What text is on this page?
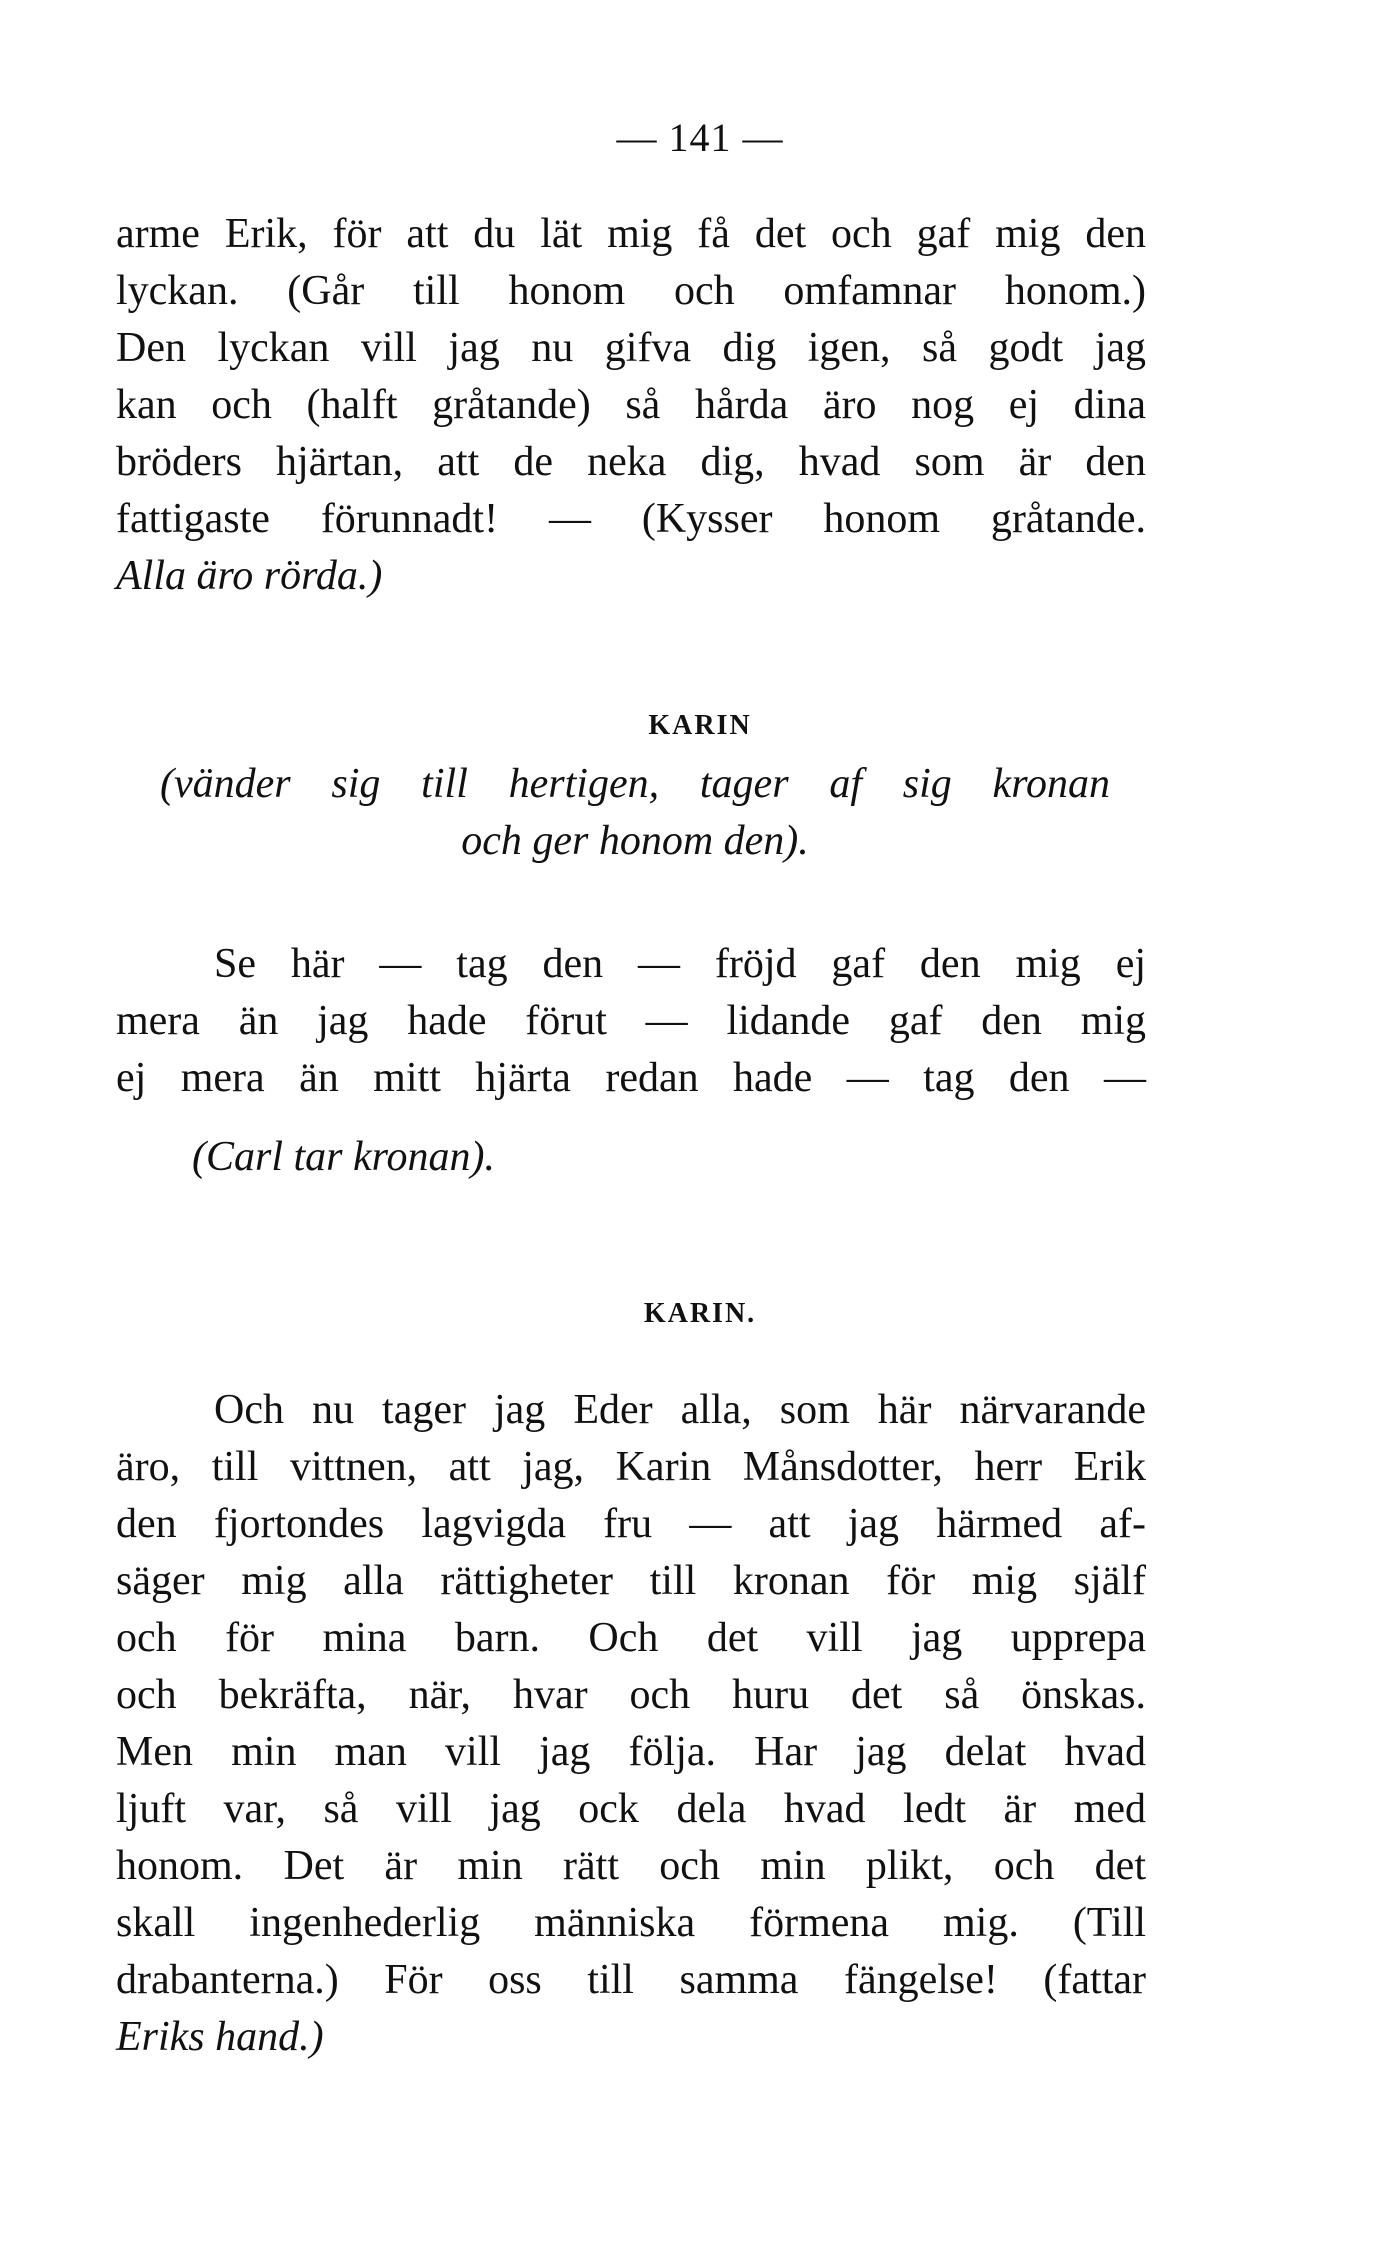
— 141 —
arme Erik, för att du lät mig få det och gaf mig den
lyckan. (Går till honom och omfamnar honom.)
Den lyckan vill jag nu gifva dig igen, så godt jag
kan och (halft gråtande) så hårda äro nog ej dina
bröders hjärtan, att de neka dig, hvad som är den
fattigaste förunnadt! — (Kysser honom gråtande.
Alla äro rörda.)
KARIN
(vänder sig till hertigen, tager af sig kronan
och ger honom den).
Se här — tag den — fröjd gaf den mig ej
mera än jag hade förut — lidande gaf den mig
ej mera än mitt hjärta redan hade — tag den —
(Carl tar kronan).
KARIN.
Och nu tager jag Eder alla, som här närvarande
äro, till vittnen, att jag, Karin Månsdotter, herr Erik
den fjortondes lagvigda fru — att jag härmed af-
säger mig alla rättigheter till kronan för mig själf
och för mina barn. Och det vill jag upprepa
och bekräfta, när, hvar och huru det så önskas.
Men min man vill jag följa. Har jag delat hvad
ljuft var, så vill jag ock dela hvad ledt är med
honom. Det är min rätt och min plikt, och det
skall ingenhederlig människa förmena mig. (Till
drabanterna.) För oss till samma fängelse! (fattar
Eriks hand.)
